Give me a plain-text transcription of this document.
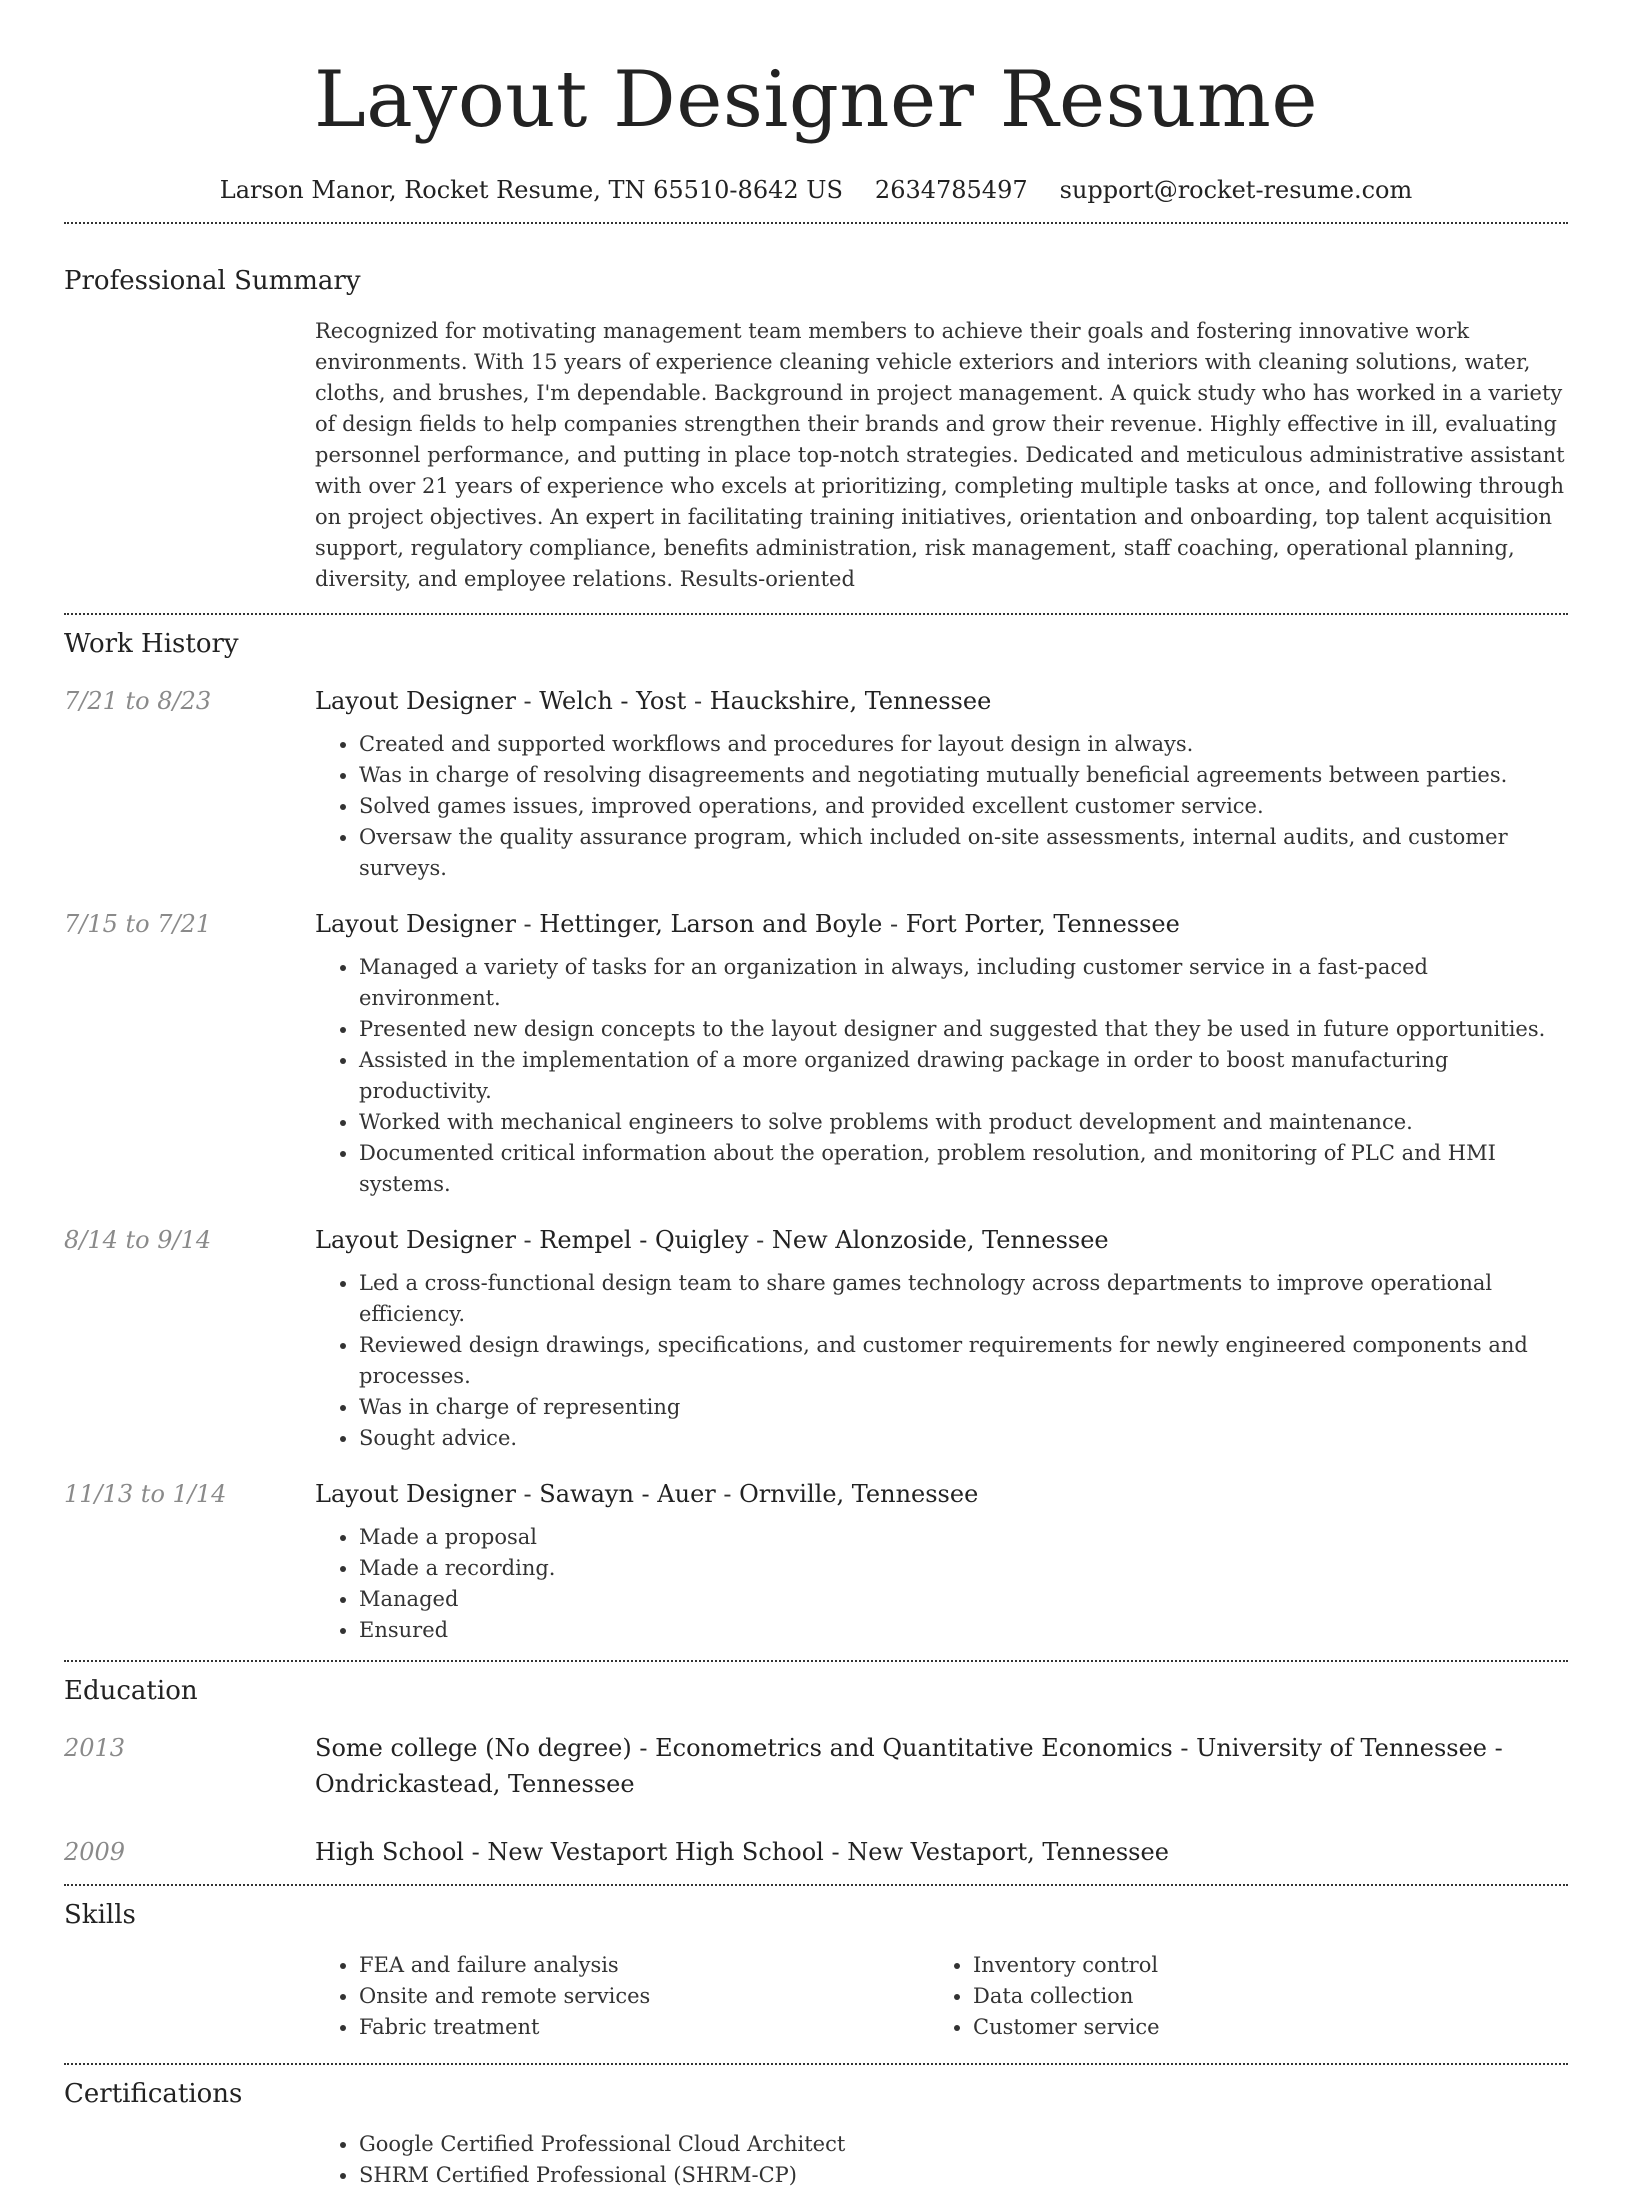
Layout Designer Resume
Larson Manor, Rocket Resume, TN 65510-8642 US 2634785497 support@rocket-resume.com
Professional Summary

Recognized for motivating management team members to achieve their goals and fostering innovative work environments. With 15 years of experience cleaning vehicle exteriors and interiors with cleaning solutions, water, cloths, and brushes, I'm dependable. Background in project management. A quick study who has worked in a variety of design fields to help companies strengthen their brands and grow their revenue. Highly effective in ill, evaluating personnel performance, and putting in place top-notch strategies. Dedicated and meticulous administrative assistant with over 21 years of experience who excels at prioritizing, completing multiple tasks at once, and following through on project objectives. An expert in facilitating training initiatives, orientation and onboarding, top talent acquisition support, regulatory compliance, benefits administration, risk management, staff coaching, operational planning, diversity, and employee relations. Results-oriented

Work History
7/21 to 8/23	Layout Designer - Welch - Yost - Hauckshire, Tennessee
• Created and supported workflows and procedures for layout design in always.
• Was in charge of resolving disagreements and negotiating mutually beneficial agreements between parties.
• Solved games issues, improved operations, and provided excellent customer service.
• Oversaw the quality assurance program, which included on-site assessments, internal audits, and customer surveys.
7/15 to 7/21	Layout Designer - Hettinger, Larson and Boyle - Fort Porter, Tennessee
• Managed a variety of tasks for an organization in always, including customer service in a fast-paced environment.
• Presented new design concepts to the layout designer and suggested that they be used in future opportunities.
• Assisted in the implementation of a more organized drawing package in order to boost manufacturing productivity.
• Worked with mechanical engineers to solve problems with product development and maintenance.
• Documented critical information about the operation, problem resolution, and monitoring of PLC and HMI systems.
8/14 to 9/14	Layout Designer - Rempel - Quigley - New Alonzoside, Tennessee
• Led a cross-functional design team to share games technology across departments to improve operational efficiency.
• Reviewed design drawings, specifications, and customer requirements for newly engineered components and processes.
• Was in charge of representing
• Sought advice.
11/13 to 1/14	Layout Designer - Sawayn - Auer - Ornville, Tennessee
• Made a proposal
• Made a recording.
• Managed
• Ensured
Education
2013	Some college (No degree) - Econometrics and Quantitative Economics - University of Tennessee - Ondrickastead, Tennessee
2009	High School - New Vestaport High School - New Vestaport, Tennessee
Skills
• FEA and failure analysis
• Onsite and remote services
• Fabric treatment
• Inventory control
• Data collection
• Customer service
Certifications
• Google Certified Professional Cloud Architect
• SHRM Certified Professional (SHRM-CP)
